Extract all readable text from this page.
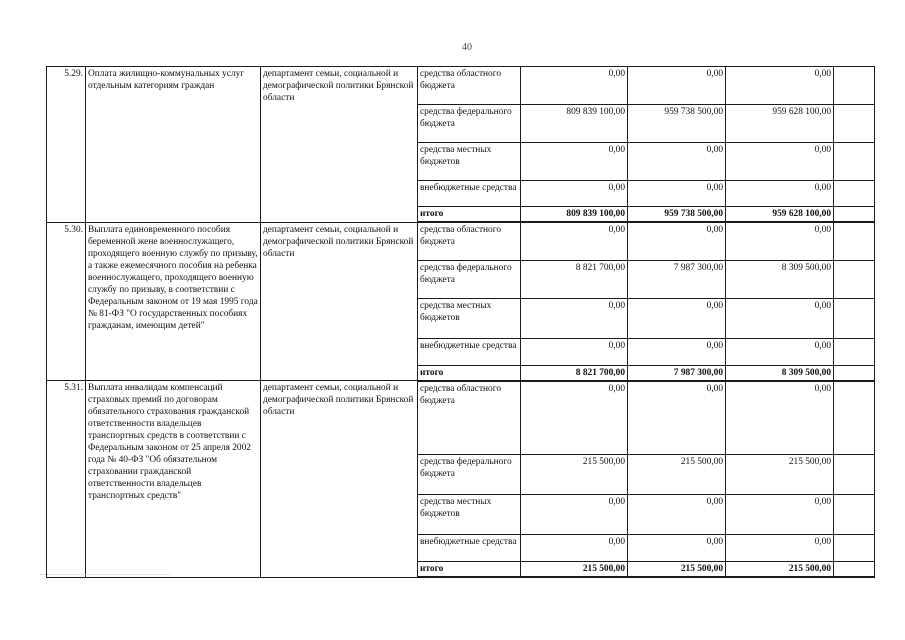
40
5.29.	Оплата жилищно-коммунальных услуг отдельным категориям граждан	департамент семьи, социальной и демографической политики Брянской области	средства областного бюджета	0,00	0,00	0,00	
			средства федерального бюджета	809 839 100,00	959 738 500,00	959 628 100,00	
			средства местных бюджетов	0,00	0,00	0,00	
			внебюджетные средства	0,00	0,00	0,00	
			итого	809 839 100,00	959 738 500,00	959 628 100,00	
5.30.	Выплата единовременного пособия беременной жене военнослужащего, проходящего военную службу по призыву, а также ежемесячного пособия на ребенка военнослужащего, проходящего военную службу по призыву, в соответствии с Федеральным законом от 19 мая 1995 года № 81-ФЗ "О государственных пособиях гражданам, имеющим детей"	департамент семьи, социальной и демографической политики Брянской области	средства областного бюджета	0,00	0,00	0,00	
			средства федерального бюджета	8 821 700,00	7 987 300,00	8 309 500,00	
			средства местных бюджетов	0,00	0,00	0,00	
			внебюджетные средства	0,00	0,00	0,00	
			итого	8 821 700,00	7 987 300,00	8 309 500,00	
5.31.	Выплата инвалидам компенсаций страховых премий по договорам обязательного страхования гражданской ответственности владельцев транспортных средств в соответствии с Федеральным законом от 25 апреля 2002 года № 40-ФЗ "Об обязательном страховании гражданской ответственности владельцев транспортных средств"	департамент семьи, социальной и демографической политики Брянской области	средства областного бюджета	0,00	0,00	0,00	
			средства федерального бюджета	215 500,00	215 500,00	215 500,00	
			средства местных бюджетов	0,00	0,00	0,00	
			внебюджетные средства	0,00	0,00	0,00	
			итого	215 500,00	215 500,00	215 500,00	
